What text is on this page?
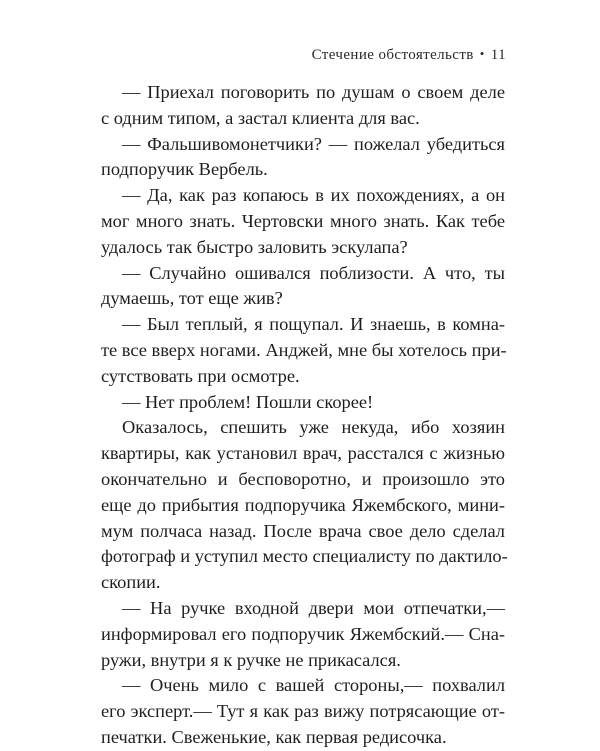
Стечение обстоятельств • 11
— Приехал поговорить по душам о своем деле
с одним типом, а застал клиента для вас.
— Фальшивомонетчики? — пожелал убедиться
подпоручик Вербель.
— Да, как раз копаюсь в их похождениях, а он
мог много знать. Чертовски много знать. Как тебе
удалось так быстро заловить эскулапа?
— Случайно ошивался поблизости. А что, ты
думаешь, тот еще жив?
— Был теплый, я пощупал. И знаешь, в комна-
те все вверх ногами. Анджей, мне бы хотелось при-
сутствовать при осмотре.
— Нет проблем! Пошли скорее!
Оказалось, спешить уже некуда, ибо хозяин
квартиры, как установил врач, расстался с жизнью
окончательно и бесповоротно, и произошло это
еще до прибытия подпоручика Яжембского, мини-
мум полчаса назад. После врача свое дело сделал
фотограф и уступил место специалисту по дактило-
скопии.
— На ручке входной двери мои отпечатки,—
информировал его подпоручик Яжембский.— Сна-
ружи, внутри я к ручке не прикасался.
— Очень мило с вашей стороны,— похвалил
его эксперт.— Тут я как раз вижу потрясающие от-
печатки. Свеженькие, как первая редисочка.
